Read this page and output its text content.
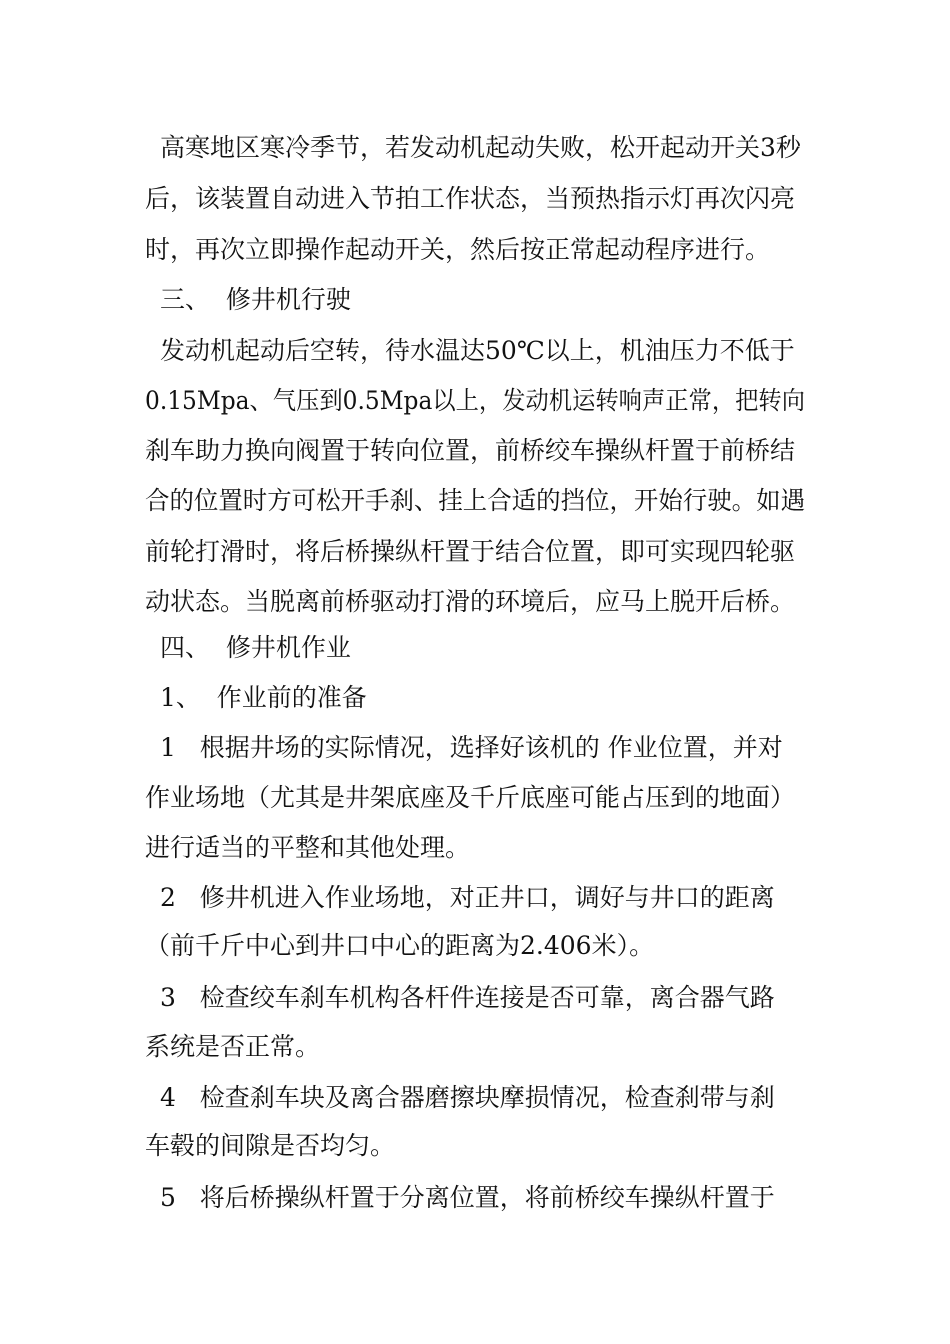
高寒地区寒冷季节，若发动机起动失败，松开起动开关3秒

后，该装置自动进入节拍工作状态，当预热指示灯再次闪亮

时，再次立即操作起动开关，然后按正常起动程序进行。

三、  修井机行驶

发动机起动后空转，待水温达50℃以上，机油压力不低于

0.15Mpa、气压到0.5Mpa以上，发动机运转响声正常，把转向

刹车助力换向阀置于转向位置，前桥绞车操纵杆置于前桥结

合的位置时方可松开手刹、挂上合适的挡位，开始行驶。如遇

前轮打滑时，将后桥操纵杆置于结合位置，即可实现四轮驱

动状态。当脱离前桥驱动打滑的环境后，应马上脱开后桥。

四、  修井机作业

1、  作业前的准备

1   根据井场的实际情况，选择好该机的 作业位置，并对

作业场地（尤其是井架底座及千斤底座可能占压到的地面）

进行适当的平整和其他处理。

2   修井机进入作业场地，对正井口，调好与井口的距离

（前千斤中心到井口中心的距离为2.406米）。

3   检查绞车刹车机构各杆件连接是否可靠，离合器气路

系统是否正常。

4   检查刹车块及离合器磨擦块摩损情况，检查刹带与刹

车毂的间隙是否均匀。

5   将后桥操纵杆置于分离位置，将前桥绞车操纵杆置于
